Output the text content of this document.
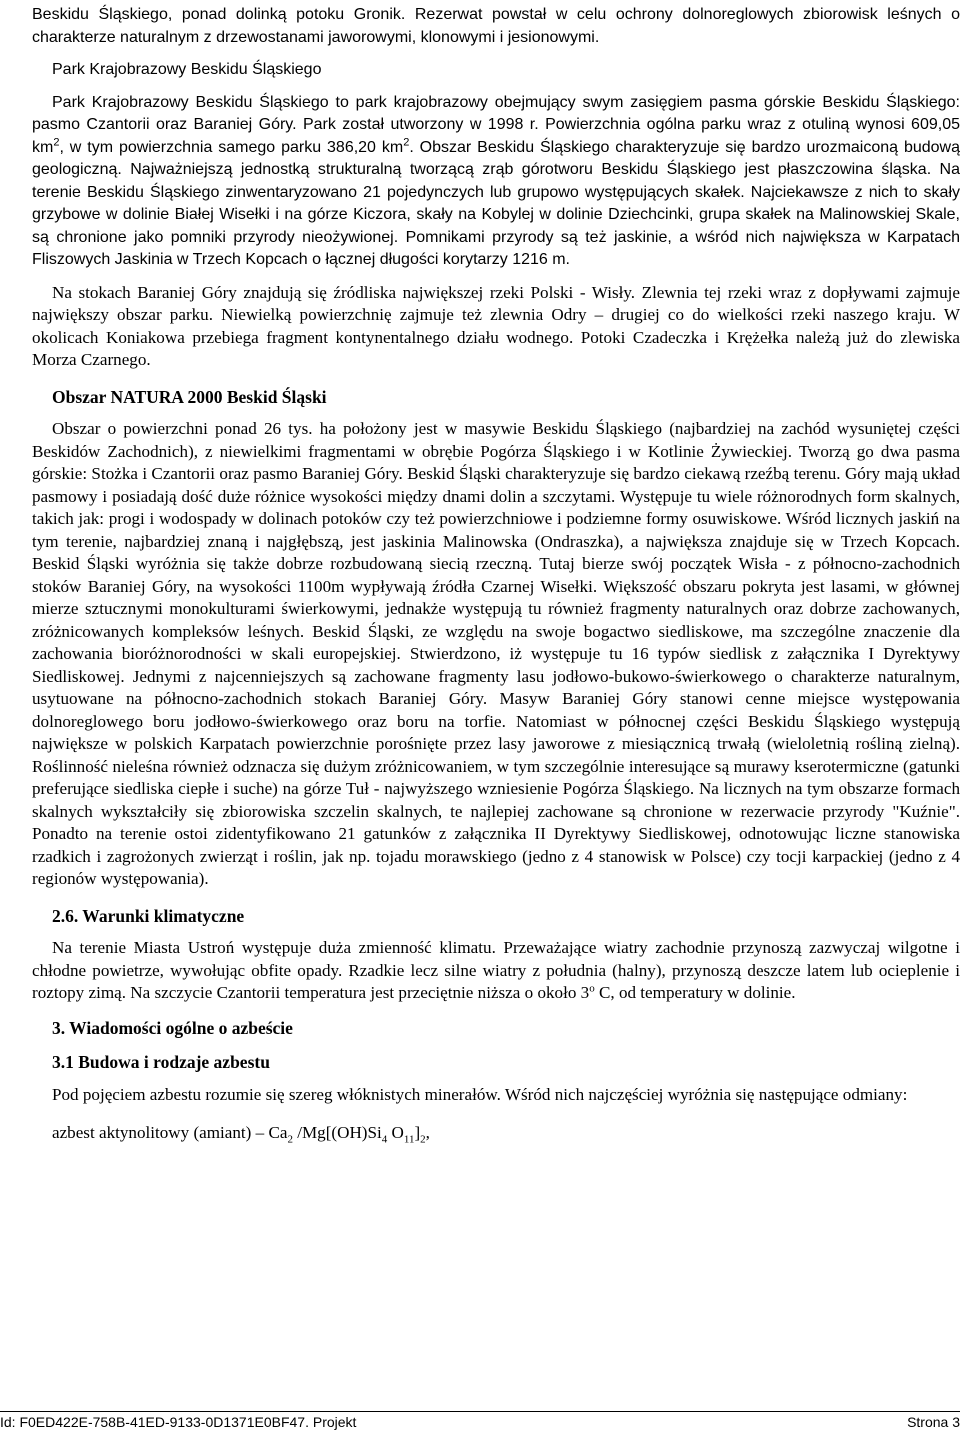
Beskidu Śląskiego, ponad dolinką potoku Gronik. Rezerwat powstał w celu ochrony dolnoreglowych zbiorowisk leśnych o charakterze naturalnym z drzewostanami jaworowymi, klonowymi i jesionowymi.

Park Krajobrazowy Beskidu Śląskiego

Park Krajobrazowy Beskidu Śląskiego to park krajobrazowy obejmujący swym zasięgiem pasma górskie Beskidu Śląskiego: pasmo Czantorii oraz Baraniej Góry. Park został utworzony w 1998 r. Powierzchnia ogólna parku wraz z otuliną wynosi 609,05 $km^2$, w tym powierzchnia samego parku 386,20 $km^2$. Obszar Beskidu Śląskiego charakteryzuje się bardzo urozmaiconą budową geologiczną. Najważniejszą jednostką strukturalną tworzącą zrąb górotworu Beskidu Śląskiego jest płaszczowina śląska. Na terenie Beskidu Śląskiego zinwentaryzowano 21 pojedynczych lub grupowo występujących skałek. Najciekawsze z nich to skały grzybowe w dolinie Białej Wisełki i na górze Kiczora, skały na Kobylej w dolinie Dziechcinki, grupa skałek na Malinowskiej Skale, są chronione jako pomniki przyrody nieożywionej. Pomnikami przyrody są też jaskinie, a wśród nich największa w Karpatach Fliszowych Jaskinia w Trzech Kopcach o łącznej długości korytarzy 1216 m.

Na stokach Baraniej Góry znajdują się źródliska największej rzeki Polski - Wisły. Zlewnia tej rzeki wraz z dopływami zajmuje największy obszar parku. Niewielką powierzchnię zajmuje też zlewnia Odry – drugiej co do wielkości rzeki naszego kraju. W okolicach Koniakowa przebiega fragment kontynentalnego działu wodnego. Potoki Czadeczka i Krężełka należą już do zlewiska Morza Czarnego.

Obszar NATURA 2000 Beskid Śląski

Obszar o powierzchni ponad 26 tys. ha położony jest w masywie Beskidu Śląskiego (najbardziej na zachód wysuniętej części Beskidów Zachodnich), z niewielkimi fragmentami w obrębie Pogórza Śląskiego i w Kotlinie Żywieckiej. Tworzą go dwa pasma górskie: Stożka i Czantorii oraz pasmo Baraniej Góry. Beskid Śląski charakteryzuje się bardzo ciekawą rzeźbą terenu. Góry mają układ pasmowy i posiadają dość duże różnice wysokości między dnami dolin a szczytami. Występuje tu wiele różnorodnych form skalnych, takich jak: progi i wodospady w dolinach potoków czy też powierzchniowe i podziemne formy osuwiskowe. Wśród licznych jaskiń na tym terenie, najbardziej znaną i najgłębszą, jest jaskinia Malinowska (Ondraszka), a największa znajduje się w Trzech Kopcach. Beskid Śląski wyróżnia się także dobrze rozbudowaną siecią rzeczną. Tutaj bierze swój początek Wisła - z północno-zachodnich stoków Baraniej Góry, na wysokości 1100m wypływają źródła Czarnej Wisełki. Większość obszaru pokryta jest lasami, w głównej mierze sztucznymi monokulturami świerkowymi, jednakże występują tu również fragmenty naturalnych oraz dobrze zachowanych, zróżnicowanych kompleksów leśnych. Beskid Śląski, ze względu na swoje bogactwo siedliskowe, ma szczególne znaczenie dla zachowania bioróżnorodności w skali europejskiej. Stwierdzono, iż występuje tu 16 typów siedlisk z załącznika I Dyrektywy Siedliskowej. Jednymi z najcenniejszych są zachowane fragmenty lasu jodłowo-bukowo-świerkowego o charakterze naturalnym, usytuowane na północno-zachodnich stokach Baraniej Góry. Masyw Baraniej Góry stanowi cenne miejsce występowania dolnoreglowego boru jodłowo-świerkowego oraz boru na torfie. Natomiast w północnej części Beskidu Śląskiego występują największe w polskich Karpatach powierzchnie porośnięte przez lasy jaworowe z miesiącznicą trwałą (wieloletnią rośliną zielną). Roślinność nieleśna również odznacza się dużym zróżnicowaniem, w tym szczególnie interesujące są murawy kserotermiczne (gatunki preferujące siedliska ciepłe i suche) na górze Tuł - najwyższego wzniesienie Pogórza Śląskiego. Na licznych na tym obszarze formach skalnych wykształciły się zbiorowiska szczelin skalnych, te najlepiej zachowane są chronione w rezerwacie przyrody "Kuźnie". Ponadto na terenie ostoi zidentyfikowano 21 gatunków z załącznika II Dyrektywy Siedliskowej, odnotowując liczne stanowiska rzadkich i zagrożonych zwierząt i roślin, jak np. tojadu morawskiego (jedno z 4 stanowisk w Polsce) czy tocji karpackiej (jedno z 4 regionów występowania).

2.6. Warunki klimatyczne

Na terenie Miasta Ustroń występuje duża zmienność klimatu. Przeważające wiatry zachodnie przynoszą zazwyczaj wilgotne i chłodne powietrze, wywołując obfite opady. Rzadkie lecz silne wiatry z południa (halny), przynoszą deszcze latem lub ocieplenie i roztopy zimą. Na szczycie Czantorii temperatura jest przeciętnie niższa o około 3$^o$ C, od temperatury w dolinie.

3. Wiadomości ogólne o azbeście
3.1 Budowa i rodzaje azbestu

Pod pojęciem azbestu rozumie się szereg włóknistych minerałów. Wśród nich najczęściej wyróżnia się następujące odmiany:

azbest aktynolitowy (amiant) – $Ca_2$ $/Mg[(OH)Si_4$ $O_{11}]_2$,

Id: F0ED422E-758B-41ED-9133-0D1371E0BF47. Projekt	Strona 3
